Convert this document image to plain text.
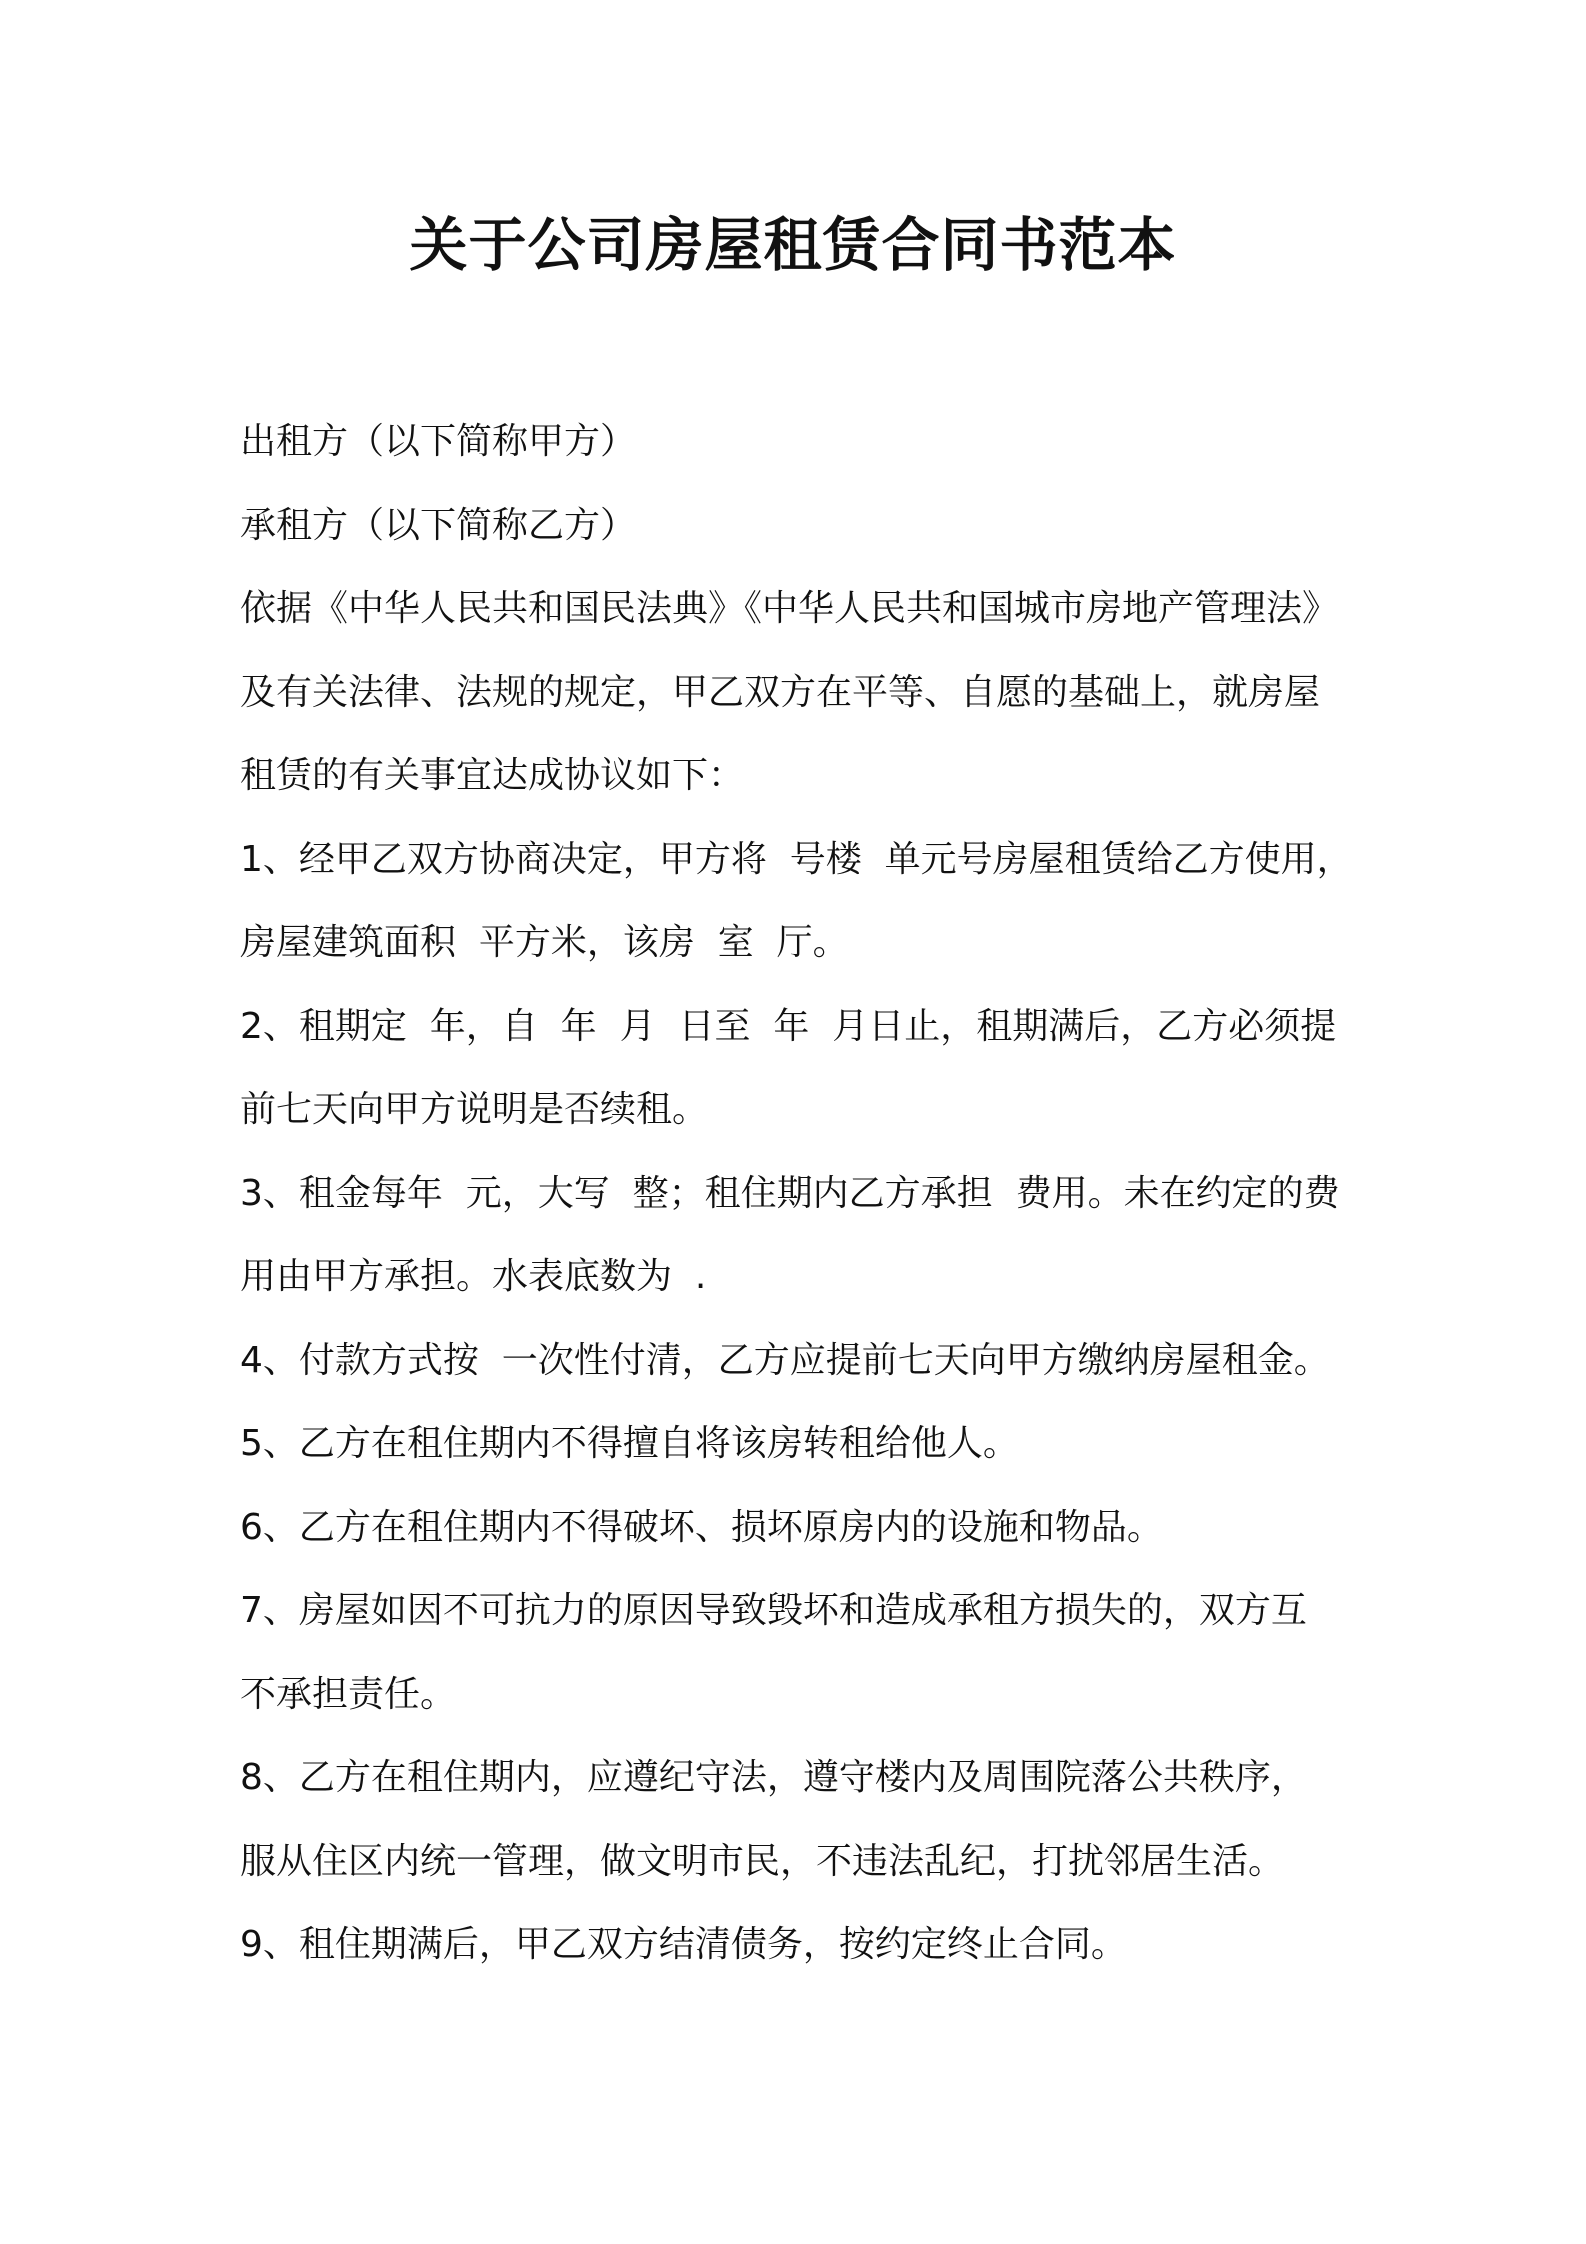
关于公司房屋租赁合同书范本
出租方（以下简称甲方）
承租方（以下简称乙方）
依据《中华人民共和国民法典》《中华人民共和国城市房地产管理法》
及有关法律、法规的规定，甲乙双方在平等、自愿的基础上，就房屋
租赁的有关事宜达成协议如下：
1、经甲乙双方协商决定，甲方将  号楼  单元号房屋租赁给乙方使用，
房屋建筑面积  平方米，该房  室  厅。
2、租期定  年，自  年  月  日至  年  月日止，租期满后，乙方必须提
前七天向甲方说明是否续租。
3、租金每年  元，大写  整；租住期内乙方承担  费用。未在约定的费
用由甲方承担。水表底数为  .
4、付款方式按  一次性付清，乙方应提前七天向甲方缴纳房屋租金。
5、乙方在租住期内不得擅自将该房转租给他人。
6、乙方在租住期内不得破坏、损坏原房内的设施和物品。
7、房屋如因不可抗力的原因导致毁坏和造成承租方损失的，双方互
不承担责任。
8、乙方在租住期内，应遵纪守法，遵守楼内及周围院落公共秩序，
服从住区内统一管理，做文明市民，不违法乱纪，打扰邻居生活。
9、租住期满后，甲乙双方结清债务，按约定终止合同。
